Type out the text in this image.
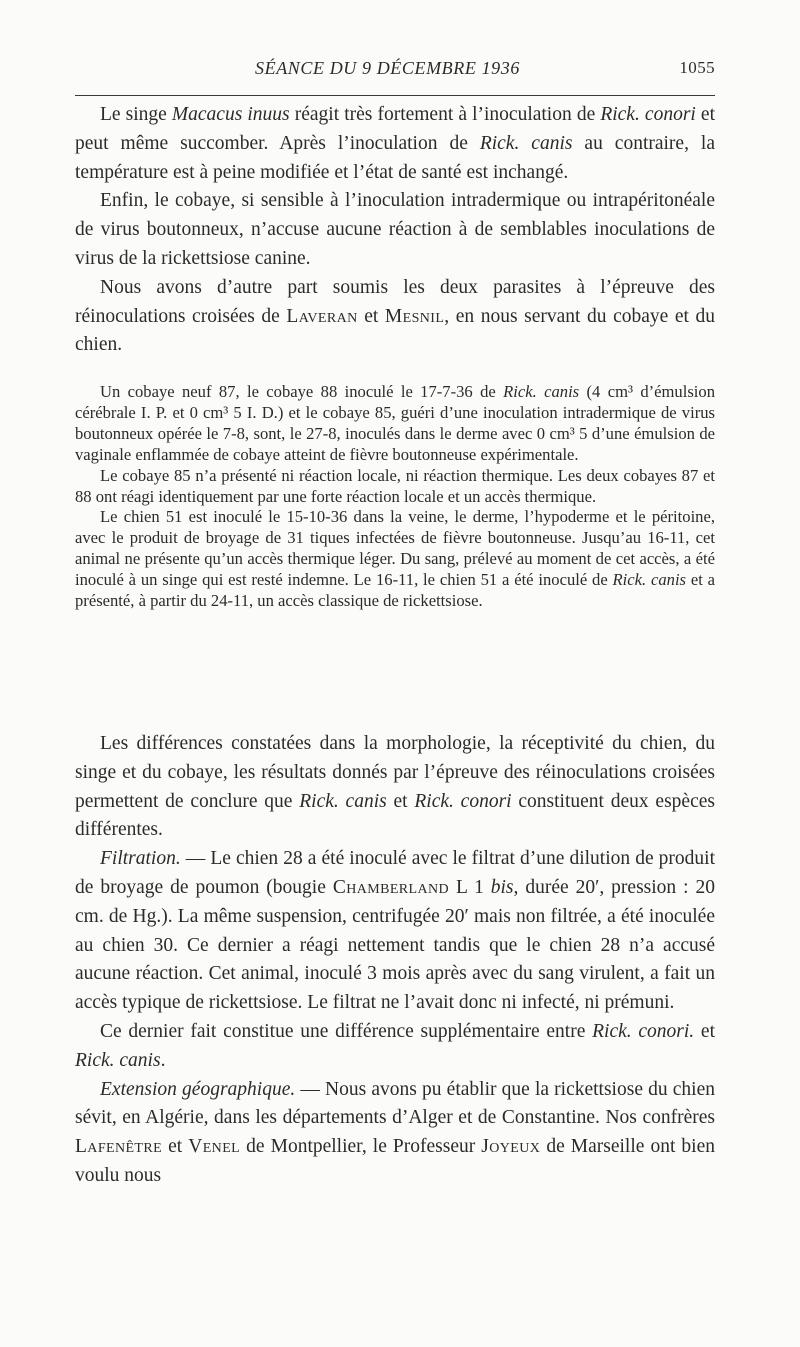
SÉANCE DU 9 DÉCEMBRE 1936	1055

Le singe Macacus inuus réagit très fortement à l’inoculation de Rick. conori et peut même succomber. Après l’inoculation de Rick. canis au contraire, la température est à peine modifiée et l’état de santé est inchangé.

Enfin, le cobaye, si sensible à l’inoculation intradermique ou intrapéritonéale de virus boutonneux, n’accuse aucune réaction à de semblables inoculations de virus de la rickettsiose canine.

Nous avons d’autre part soumis les deux parasites à l’épreuve des réinoculations croisées de Laveran et Mesnil, en nous servant du cobaye et du chien.

Un cobaye neuf 87, le cobaye 88 inoculé le 17-7-36 de Rick. canis (4 cm³ d’émulsion cérébrale I. P. et 0 cm³ 5 I. D.) et le cobaye 85, guéri d’une inoculation intradermique de virus boutonneux opérée le 7-8, sont, le 27-8, inoculés dans le derme avec 0 cm³ 5 d’une émulsion de vaginale enflammée de cobaye atteint de fièvre boutonneuse expérimentale.

Le cobaye 85 n’a présenté ni réaction locale, ni réaction thermique. Les deux cobayes 87 et 88 ont réagi identiquement par une forte réaction locale et un accès thermique.

Le chien 51 est inoculé le 15-10-36 dans la veine, le derme, l’hypoderme et le péritoine, avec le produit de broyage de 31 tiques infectées de fièvre boutonneuse. Jusqu’au 16-11, cet animal ne présente qu’un accès thermique léger. Du sang, prélevé au moment de cet accès, a été inoculé à un singe qui est resté indemne. Le 16-11, le chien 51 a été inoculé de Rick. canis et a présenté, à partir du 24-11, un accès classique de rickettsiose.

Les différences constatées dans la morphologie, la réceptivité du chien, du singe et du cobaye, les résultats donnés par l’épreuve des réinoculations croisées permettent de conclure que Rick. canis et Rick. conori constituent deux espèces différentes.

Filtration. — Le chien 28 a été inoculé avec le filtrat d’une dilution de produit de broyage de poumon (bougie Chamberland L 1 bis, durée 20′, pression : 20 cm. de Hg.). La même suspension, centrifugée 20′ mais non filtrée, a été inoculée au chien 30. Ce dernier a réagi nettement tandis que le chien 28 n’a accusé aucune réaction. Cet animal, inoculé 3 mois après avec du sang virulent, a fait un accès typique de rickettsiose. Le filtrat ne l’avait donc ni infecté, ni prémuni.

Ce dernier fait constitue une différence supplémentaire entre Rick. conori. et Rick. canis.

Extension géographique. — Nous avons pu établir que la rickettsiose du chien sévit, en Algérie, dans les départements d’Alger et de Constantine. Nos confrères Lafenêtre et Venel de Montpellier, le Professeur Joyeux de Marseille ont bien voulu nous
